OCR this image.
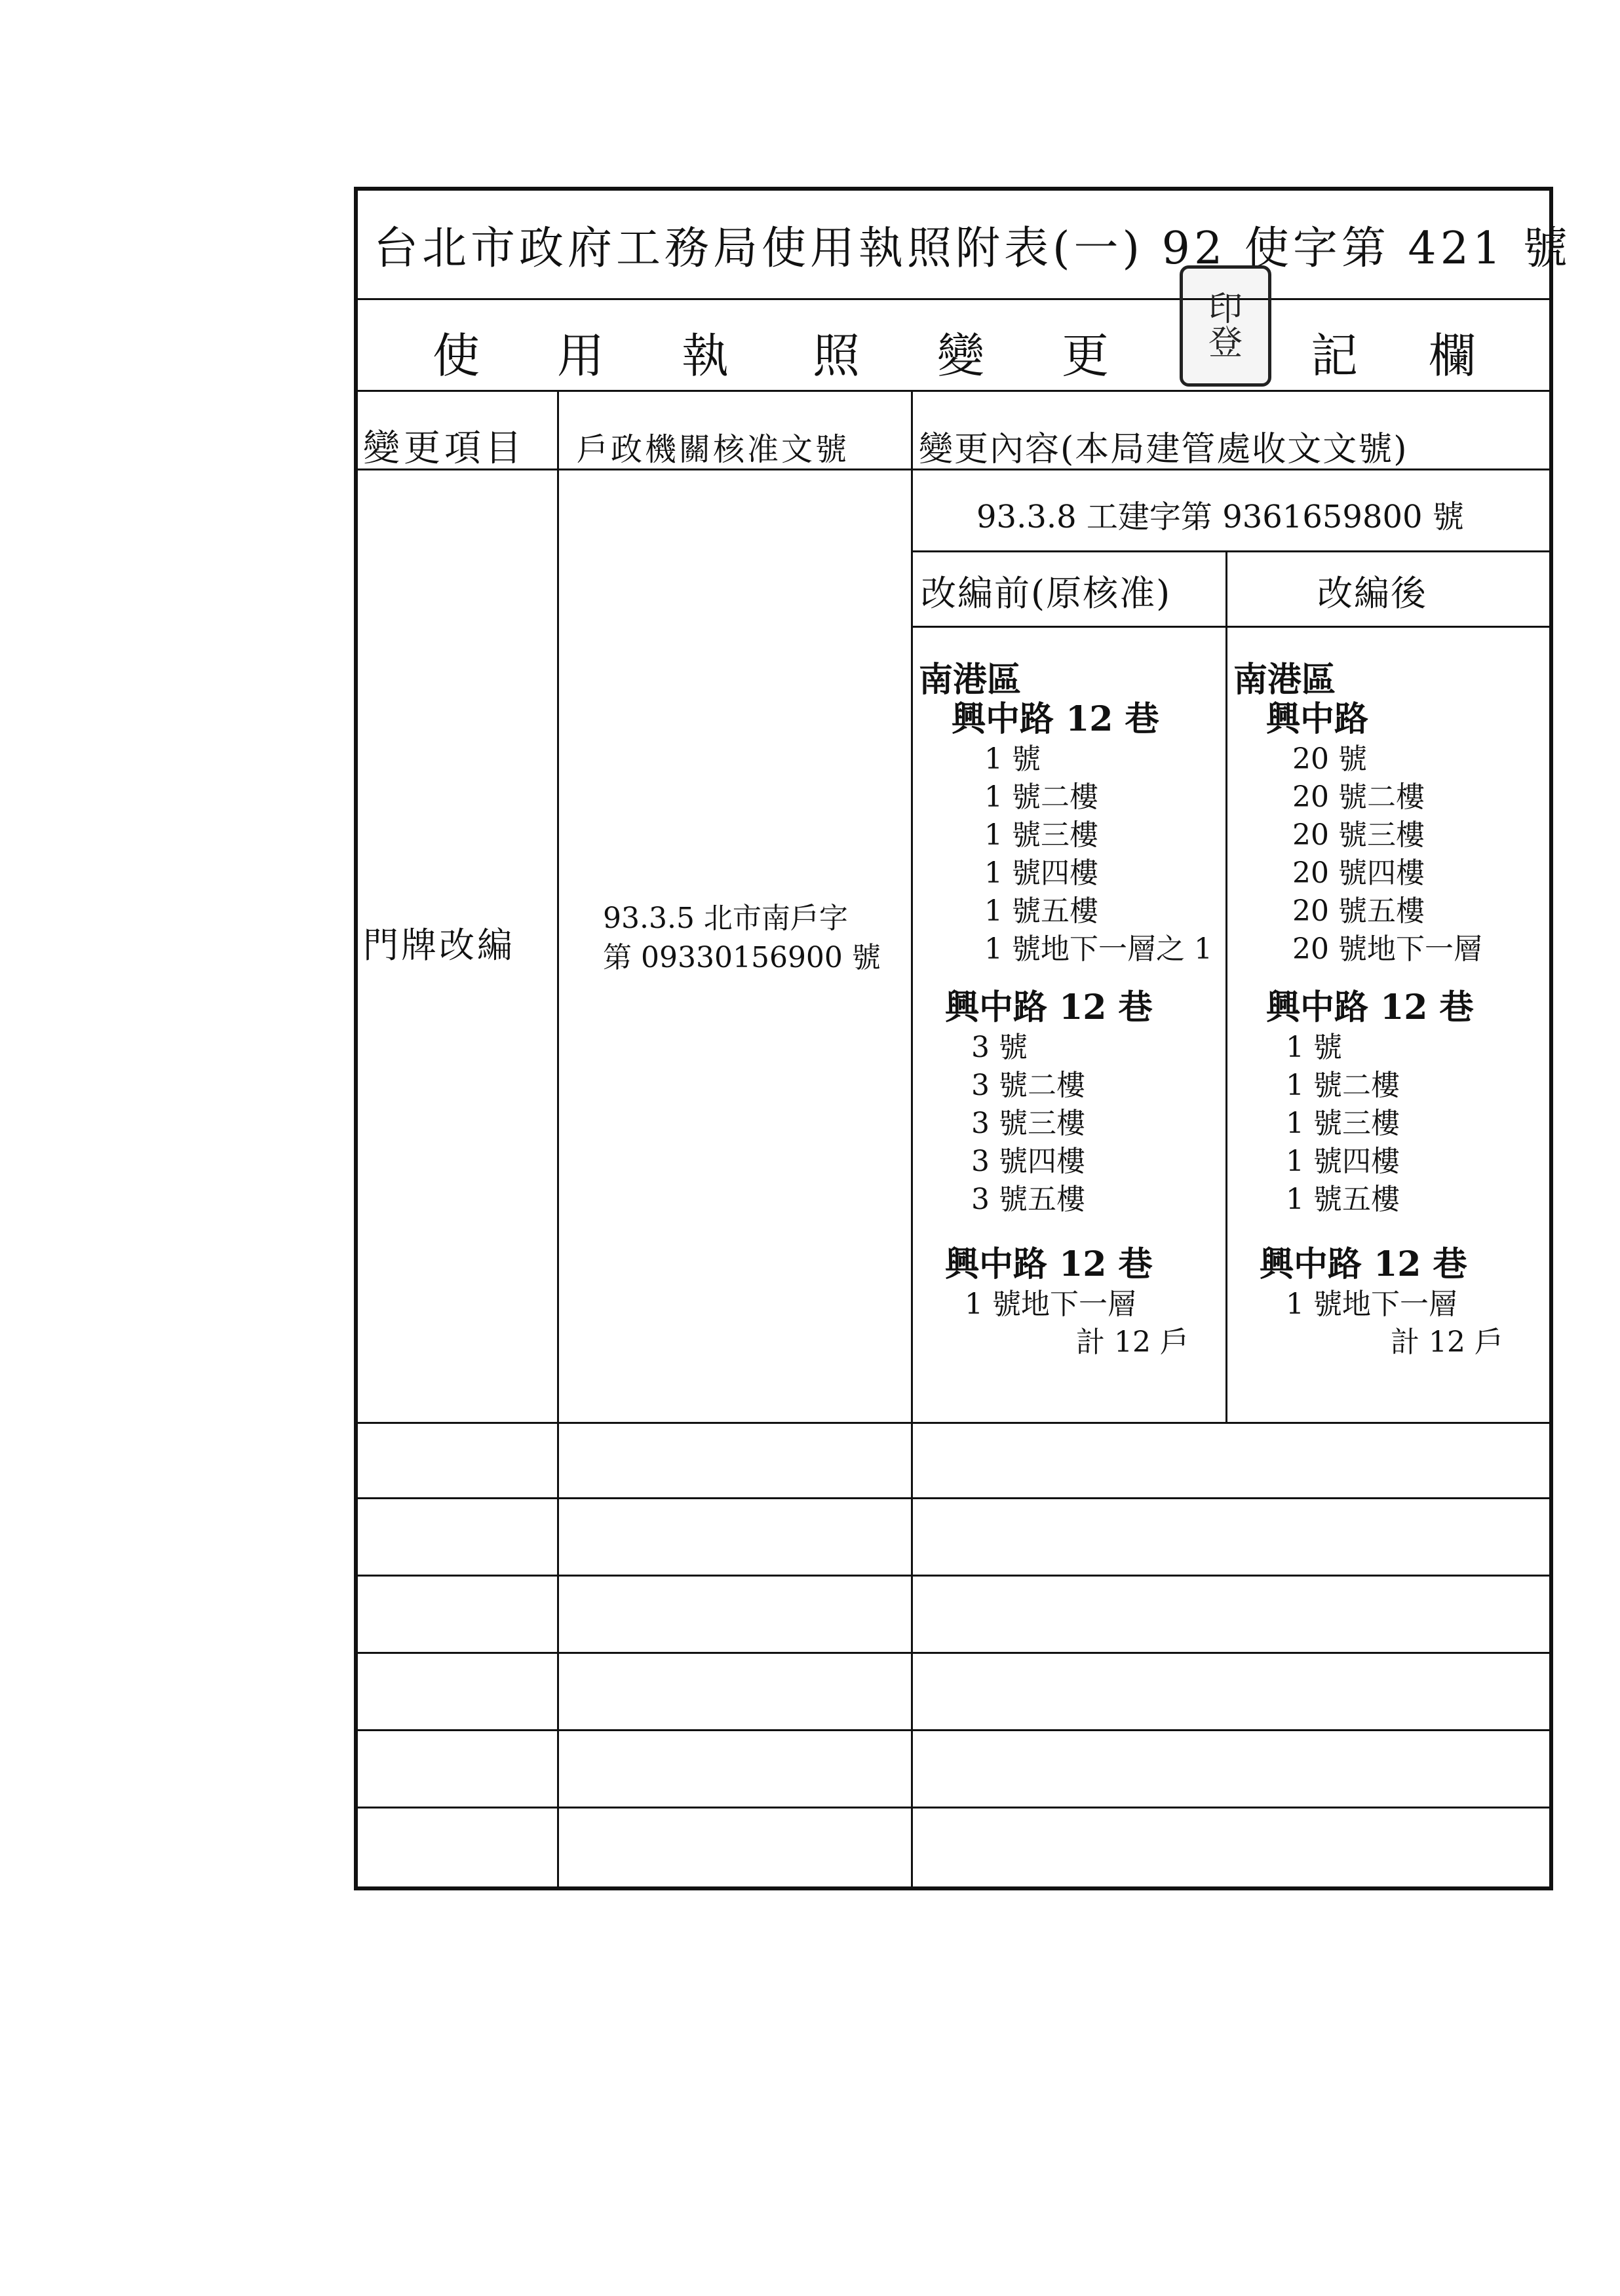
台北市政府工務局使用執照附表(一) 92 使字第 421 號
使 用 執 照 變 更	記 欄
印
登
變更項目 戶政機關核准文號 變更內容(本局建管處收文文號)
門牌改編
93.3.5 北市南戶字
第 09330156900 號
93.3.8 工建字第 9361659800 號
改編前(原核准)	改編後
南港區
興中路 12 巷
1 號
1 號二樓
1 號三樓
1 號四樓
1 號五樓
1 號地下一層之 1
興中路 12 巷
3 號
3 號二樓
3 號三樓
3 號四樓
3 號五樓
興中路 12 巷
1 號地下一層
計 12 戶
南港區
興中路
20 號
20 號二樓
20 號三樓
20 號四樓
20 號五樓
20 號地下一層
興中路 12 巷
1 號
1 號二樓
1 號三樓
1 號四樓
1 號五樓
興中路 12 巷
1 號地下一層
計 12 戶
